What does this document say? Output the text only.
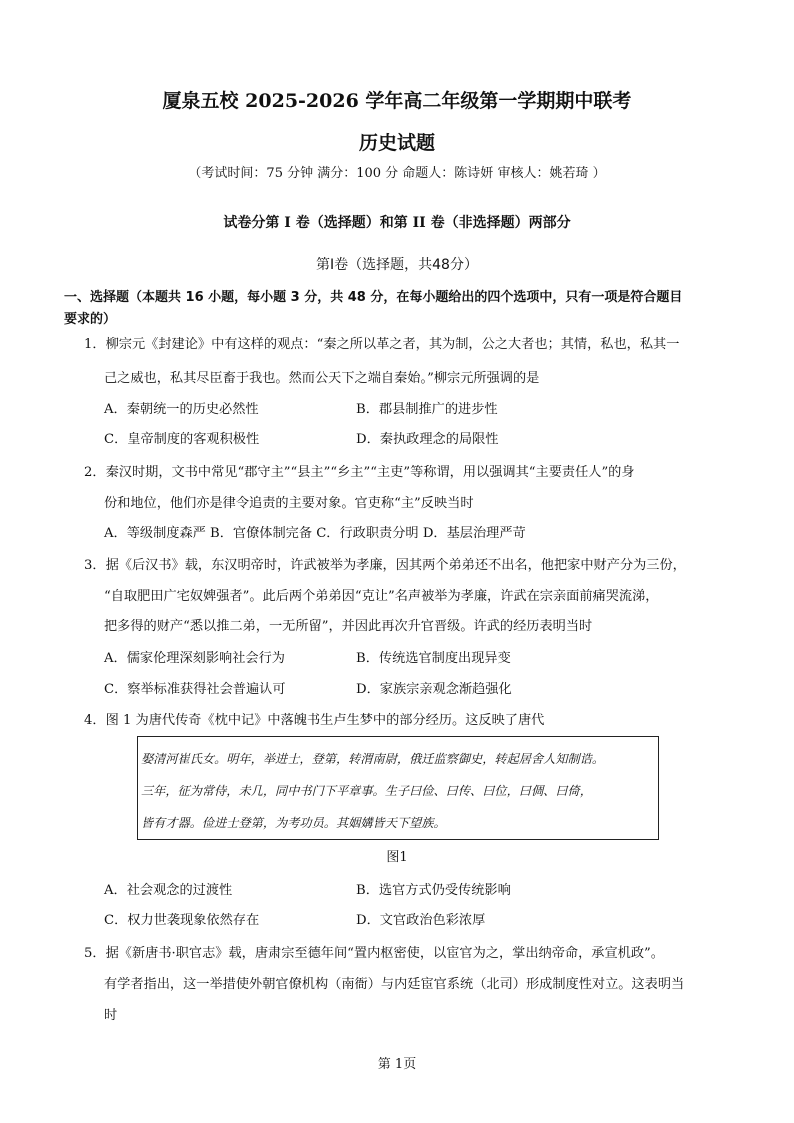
厦泉五校 2025-2026 学年高二年级第一学期期中联考
历史试题
（考试时间：75 分钟 满分：100 分 命题人：陈诗妍 审核人：姚若琦 ）
试卷分第 I 卷（选择题）和第 II 卷（非选择题）两部分
第Ⅰ卷（选择题，共48分）
一、选择题（本题共 16 小题，每小题 3 分，共 48 分，在每小题给出的四个选项中，只有一项是符合题目
要求的）
1．柳宗元《封建论》中有这样的观点：“秦之所以革之者，其为制，公之大者也；其情，私也，私其一
己之威也，私其尽臣畜于我也。然而公天下之端自秦始。”柳宗元所强调的是
A．秦朝统一的历史必然性	B．郡县制推广的进步性
C．皇帝制度的客观积极性	D．秦执政理念的局限性
2．秦汉时期，文书中常见“郡守主”“县主”“乡主”“主吏”等称谓，用以强调其“主要责任人”的身
份和地位，他们亦是律令追责的主要对象。官吏称“主”反映当时
A．等级制度森严 B．官僚体制完备 C．行政职责分明 D．基层治理严苛
3．据《后汉书》载，东汉明帝时，许武被举为孝廉，因其两个弟弟还不出名，他把家中财产分为三份，
“自取肥田广宅奴婢强者”。此后两个弟弟因“克让”名声被举为孝廉，许武在宗亲面前痛哭流涕，
把多得的财产“悉以推二弟，一无所留”，并因此再次升官晋级。许武的经历表明当时
A．儒家伦理深刻影响社会行为	B．传统选官制度出现异变
C．察举标准获得社会普遍认可	D．家族宗亲观念渐趋强化
4．图 1 为唐代传奇《枕中记》中落魄书生卢生梦中的部分经历。这反映了唐代
娶清河崔氏女。明年，举进士，登第，转渭南尉，俄迁监察御史，转起居舍人知制诰。
三年，征为常侍，未几，同中书门下平章事。生子曰俭、曰传、曰位，曰倜、曰倚，
皆有才器。俭进士登第，为考功员。其姻媾皆天下望族。
图1
A．社会观念的过渡性	B．选官方式仍受传统影响
C．权力世袭现象依然存在	D．文官政治色彩浓厚
5．据《新唐书·职官志》载，唐肃宗至德年间“置内枢密使，以宦官为之，掌出纳帝命，承宣机政”。
有学者指出，这一举措使外朝官僚机构（南衙）与内廷宦官系统（北司）形成制度性对立。这表明当
时
第 1页
